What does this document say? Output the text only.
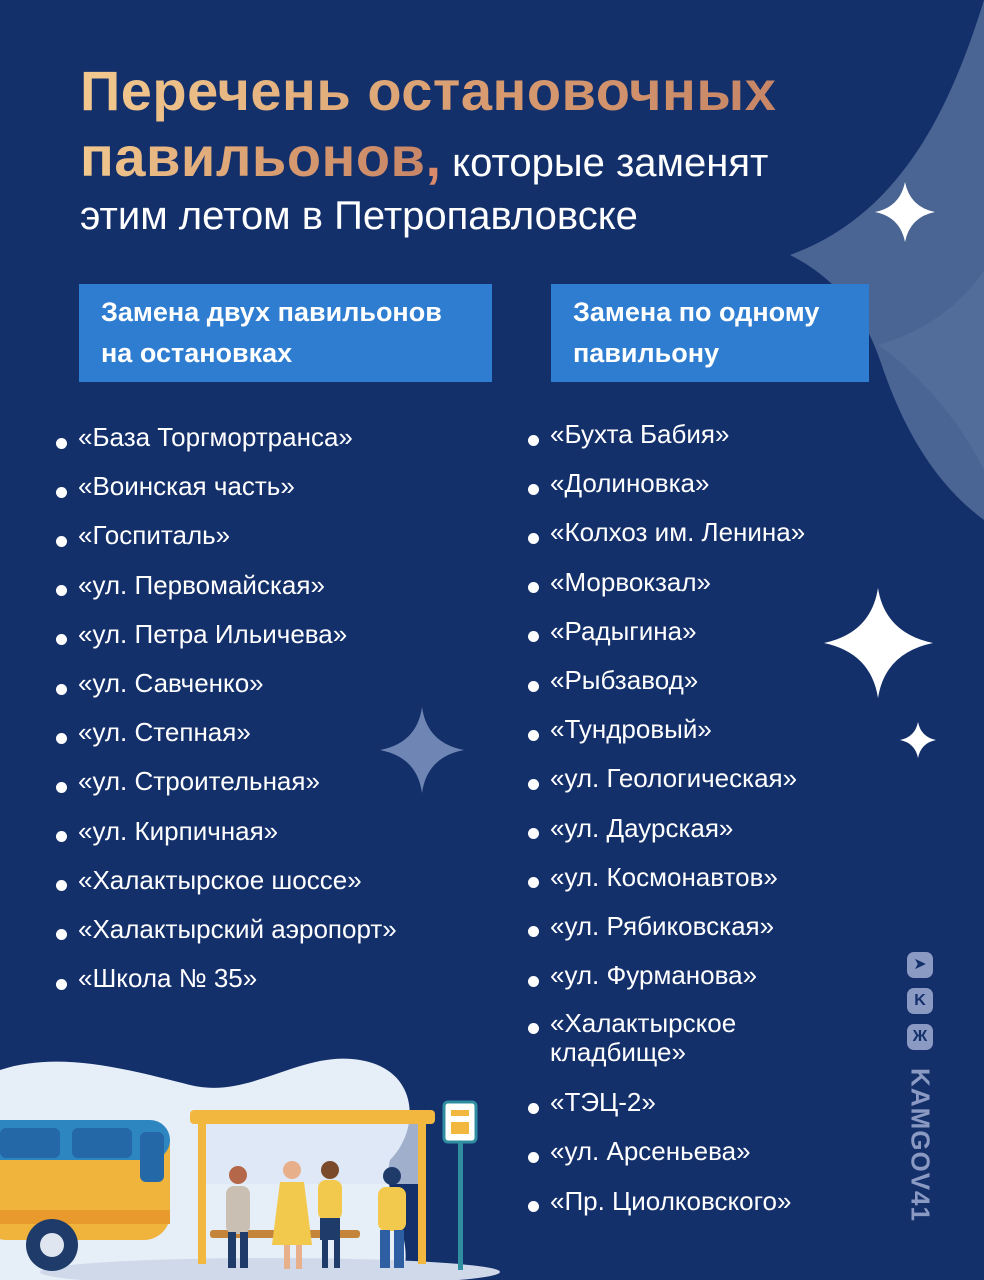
Перечень остановочных
павильонов, которые заменят
этим летом в Петропавловске
Замена двух павильонов
на остановках
Замена по одному
павильону
«База Торгмортранса»
«Воинская часть»
«Госпиталь»
«ул. Первомайская»
«ул. Петра Ильичева»
«ул. Савченко»
«ул. Степная»
«ул. Строительная»
«ул. Кирпичная»
«Халактырское шоссе»
«Халактырский аэропорт»
«Школа № 35»
«Бухта Бабия»
«Долиновка»
«Колхоз им. Ленина»
«Морвокзал»
«Радыгина»
«Рыбзавод»
«Тундровый»
«ул. Геологическая»
«ул. Даурская»
«ул. Космонавтов»
«ул. Рябиковская»
«ул. Фурманова»
«Халактырское
кладбище»
«ТЭЦ-2»
«ул. Арсеньева»
«Пр. Циолковского»
➤
K
Ж
KAMGOV41
